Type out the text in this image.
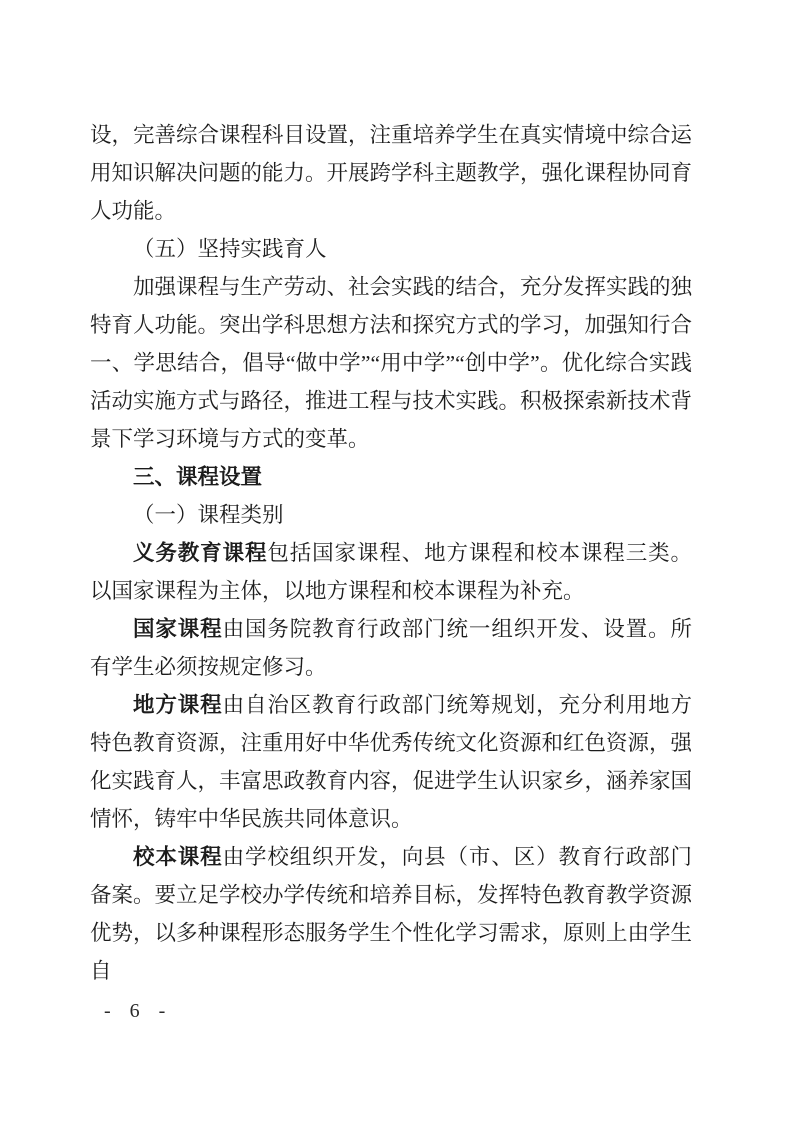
设，完善综合课程科目设置，注重培养学生在真实情境中综合运用知识解决问题的能力。开展跨学科主题教学，强化课程协同育人功能。

（五）坚持实践育人

加强课程与生产劳动、社会实践的结合，充分发挥实践的独特育人功能。突出学科思想方法和探究方式的学习，加强知行合一、学思结合，倡导“做中学”“用中学”“创中学”。优化综合实践活动实施方式与路径，推进工程与技术实践。积极探索新技术背景下学习环境与方式的变革。

三、课程设置

（一）课程类别

义务教育课程包括国家课程、地方课程和校本课程三类。以国家课程为主体，以地方课程和校本课程为补充。

国家课程由国务院教育行政部门统一组织开发、设置。所有学生必须按规定修习。

地方课程由自治区教育行政部门统筹规划，充分利用地方特色教育资源，注重用好中华优秀传统文化资源和红色资源，强化实践育人，丰富思政教育内容，促进学生认识家乡，涵养家国情怀，铸牢中华民族共同体意识。

校本课程由学校组织开发，向县（市、区）教育行政部门备案。要立足学校办学传统和培养目标，发挥特色教育教学资源优势，以多种课程形态服务学生个性化学习需求，原则上由学生自

- 6 -
